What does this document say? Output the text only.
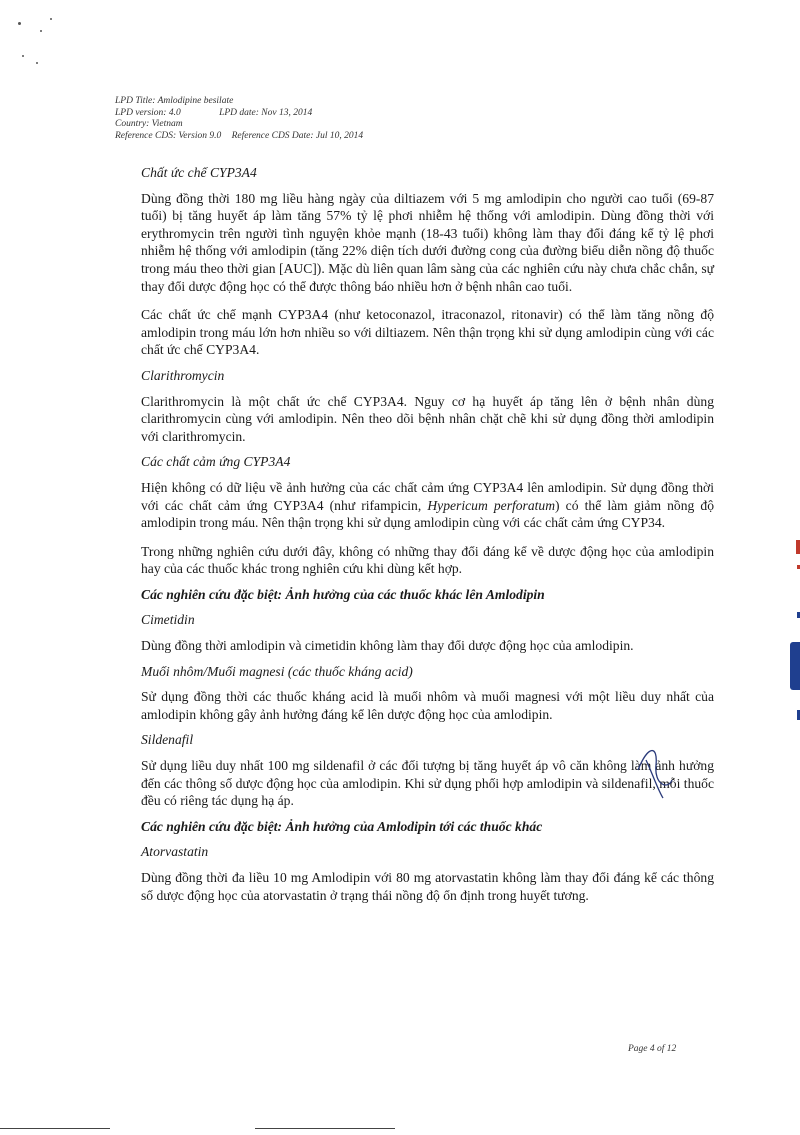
LPD Title: Amlodipine besilate
LPD version: 4.0	LPD date: Nov 13, 2014
Country: Vietnam
Reference CDS: Version 9.0 Reference CDS Date: Jul 10, 2014
Chất ức chế CYP3A4

Dùng đồng thời 180 mg liều hàng ngày của diltiazem với 5 mg amlodipin cho người cao tuổi (69-87 tuổi) bị tăng huyết áp làm tăng 57% tỷ lệ phơi nhiễm hệ thống với amlodipin. Dùng đồng thời với erythromycin trên người tình nguyện khỏe mạnh (18-43 tuổi) không làm thay đổi đáng kể tỷ lệ phơi nhiễm hệ thống với amlodipin (tăng 22% diện tích dưới đường cong của đường biểu diễn nồng độ thuốc trong máu theo thời gian [AUC]). Mặc dù liên quan lâm sàng của các nghiên cứu này chưa chắc chắn, sự thay đổi dược động học có thể được thông báo nhiều hơn ở bệnh nhân cao tuổi.

Các chất ức chế mạnh CYP3A4 (như ketoconazol, itraconazol, ritonavir) có thể làm tăng nồng độ amlodipin trong máu lớn hơn nhiều so với diltiazem. Nên thận trọng khi sử dụng amlodipin cùng với các chất ức chế CYP3A4.

Clarithromycin

Clarithromycin là một chất ức chế CYP3A4. Nguy cơ hạ huyết áp tăng lên ở bệnh nhân dùng clarithromycin cùng với amlodipin. Nên theo dõi bệnh nhân chặt chẽ khi sử dụng đồng thời amlodipin với clarithromycin.

Các chất cảm ứng CYP3A4

Hiện không có dữ liệu về ảnh hưởng của các chất cảm ứng CYP3A4 lên amlodipin. Sử dụng đồng thời với các chất cảm ứng CYP3A4 (như rifampicin, Hypericum perforatum) có thể làm giảm nồng độ amlodipin trong máu. Nên thận trọng khi sử dụng amlodipin cùng với các chất cảm ứng CYP34.

Trong những nghiên cứu dưới đây, không có những thay đổi đáng kể về dược động học của amlodipin hay của các thuốc khác trong nghiên cứu khi dùng kết hợp.

Các nghiên cứu đặc biệt: Ảnh hưởng của các thuốc khác lên Amlodipin
Cimetidin

Dùng đồng thời amlodipin và cimetidin không làm thay đổi dược động học của amlodipin.

Muối nhôm/Muối magnesi (các thuốc kháng acid)

Sử dụng đồng thời các thuốc kháng acid là muối nhôm và muối magnesi với một liều duy nhất của amlodipin không gây ảnh hưởng đáng kể lên dược động học của amlodipin.

Sildenafil

Sử dụng liều duy nhất 100 mg sildenafil ở các đối tượng bị tăng huyết áp vô căn không làm ảnh hưởng đến các thông số dược động học của amlodipin. Khi sử dụng phối hợp amlodipin và sildenafil, mỗi thuốc đều có riêng tác dụng hạ áp.

Các nghiên cứu đặc biệt: Ảnh hưởng của Amlodipin tới các thuốc khác
Atorvastatin

Dùng đồng thời đa liều 10 mg Amlodipin với 80 mg atorvastatin không làm thay đổi đáng kể các thông số dược động học của atorvastatin ở trạng thái nồng độ ổn định trong huyết tương.

Page 4 of 12
